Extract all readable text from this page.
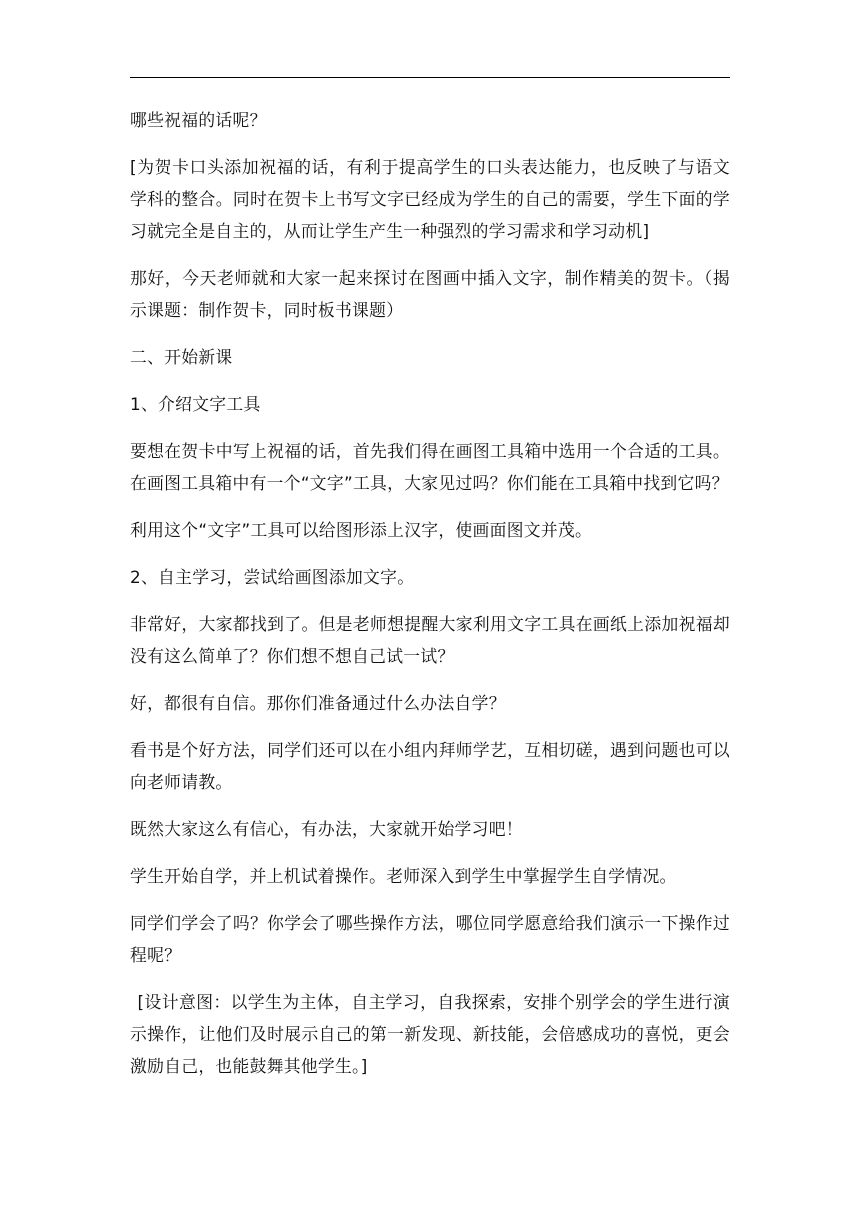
哪些祝福的话呢？

[为贺卡口头添加祝福的话，有利于提高学生的口头表达能力，也反映了与语文学科的整合。同时在贺卡上书写文字已经成为学生的自己的需要，学生下面的学习就完全是自主的，从而让学生产生一种强烈的学习需求和学习动机]

那好，今天老师就和大家一起来探讨在图画中插入文字，制作精美的贺卡。（揭示课题：制作贺卡，同时板书课题）

二、开始新课

1、介绍文字工具

要想在贺卡中写上祝福的话，首先我们得在画图工具箱中选用一个合适的工具。在画图工具箱中有一个“文字”工具，大家见过吗？你们能在工具箱中找到它吗？

利用这个“文字”工具可以给图形添上汉字，使画面图文并茂。

2、自主学习，尝试给画图添加文字。

非常好，大家都找到了。但是老师想提醒大家利用文字工具在画纸上添加祝福却没有这么简单了？你们想不想自己试一试？

好，都很有自信。那你们准备通过什么办法自学？

看书是个好方法，同学们还可以在小组内拜师学艺，互相切磋，遇到问题也可以向老师请教。

既然大家这么有信心，有办法，大家就开始学习吧！

学生开始自学，并上机试着操作。老师深入到学生中掌握学生自学情况。

同学们学会了吗？你学会了哪些操作方法，哪位同学愿意给我们演示一下操作过程呢？

[设计意图：以学生为主体，自主学习，自我探索，安排个别学会的学生进行演示操作，让他们及时展示自己的第一新发现、新技能，会倍感成功的喜悦，更会激励自己，也能鼓舞其他学生。]
